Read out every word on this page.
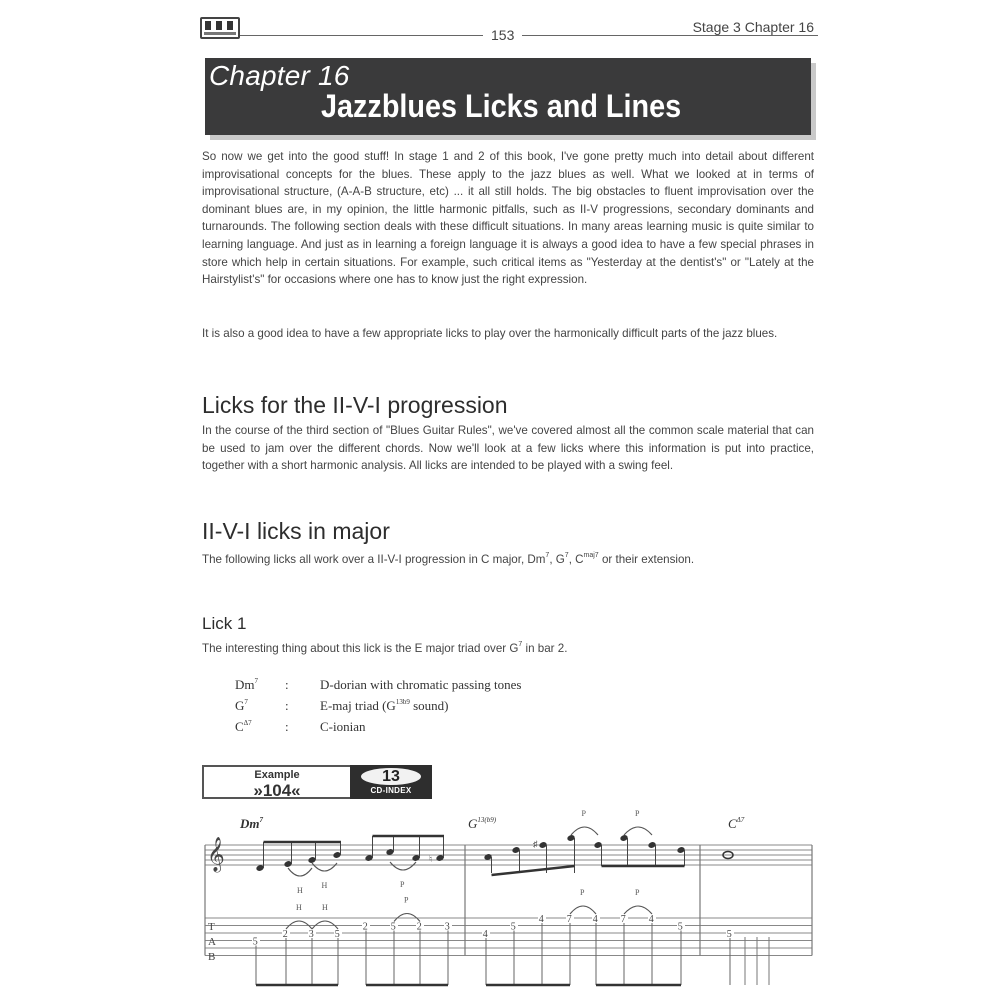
153	Stage 3 Chapter 16
Chapter 16
Jazzblues Licks and Lines
So now we get into the good stuff! In stage 1 and 2 of this book, I've gone pretty much into detail about different improvisational concepts for the blues. These apply to the jazz blues as well. What we looked at in terms of improvisational structure, (A-A-B structure, etc) ... it all still holds. The big obstacles to fluent improvisation over the dominant blues are, in my opinion, the little harmonic pitfalls, such as II-V progressions, secondary dominants and turnarounds. The following section deals with these difficult situations. In many areas learning music is quite similar to learning language. And just as in learning a foreign language it is always a good idea to have a few special phrases in store which help in certain situations. For example, such critical items as "Yesterday at the dentist's" or "Lately at the Hairstylist's" for occasions where one has to know just the right expression.
It is also a good idea to have a few appropriate licks to play over the harmonically difficult parts of the jazz blues.
Licks for the II-V-I progression
In the course of the third section of "Blues Guitar Rules", we've covered almost all the common scale material that can be used to jam over the different chords. Now we'll look at a few licks where this information is put into practice, together with a short harmonic analysis. All licks are intended to be played with a swing feel.
II-V-I licks in major
The following licks all work over a II-V-I progression in C major, Dm$^7$, $G^7$, $C^{maj7}$ or their extension.
Lick 1
The interesting thing about this lick is the E major triad over $G^7$ in bar 2.
Dm$^7$	:	D-dorian with chromatic passing tones
$G^7$	:	E-maj triad ($G^{13b9}$ sound)
$C^{\Delta 7}$	:	C-ionian
Example
»104«
13
CD-INDEX
Dm$^7$	$G^{13(b9)}$	$C^{\Delta 7}$
𝄞	♮
♯
5
2 3 5
2 5 2 3
4
5
4 7 4 7 4
5
5
T
A
B
H
H	P
P	P
H	H
P
P	P
